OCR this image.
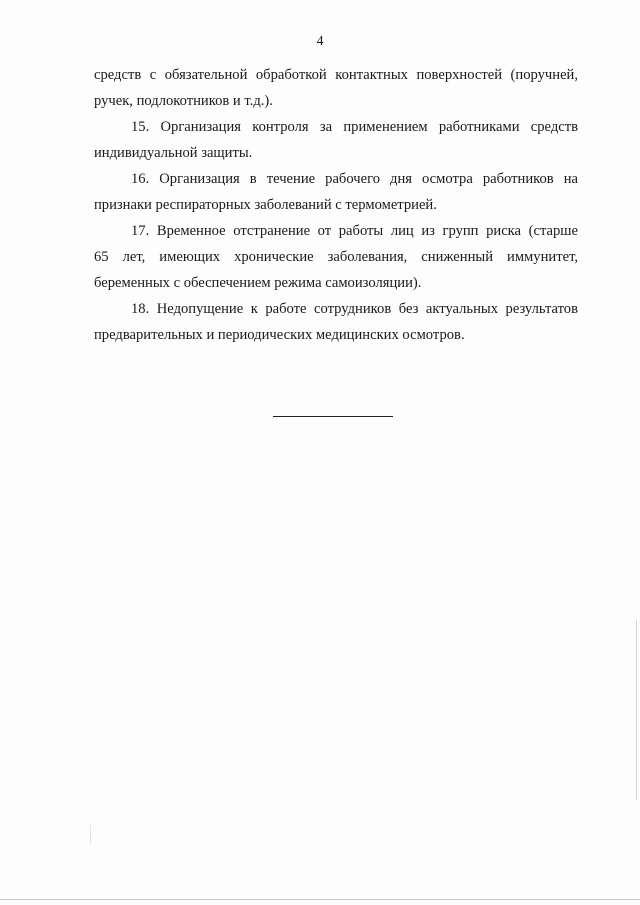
4
средств с обязательной обработкой контактных поверхностей (поручней,
ручек, подлокотников и т.д.).
15. Организация контроля за применением работниками средств
индивидуальной защиты.
16. Организация в течение рабочего дня осмотра работников на
признаки респираторных заболеваний с термометрией.
17. Временное отстранение от работы лиц из групп риска (старше
65 лет, имеющих хронические заболевания, сниженный иммунитет,
беременных с обеспечением режима самоизоляции).
18. Недопущение к работе сотрудников без актуальных результатов
предварительных и периодических медицинских осмотров.
